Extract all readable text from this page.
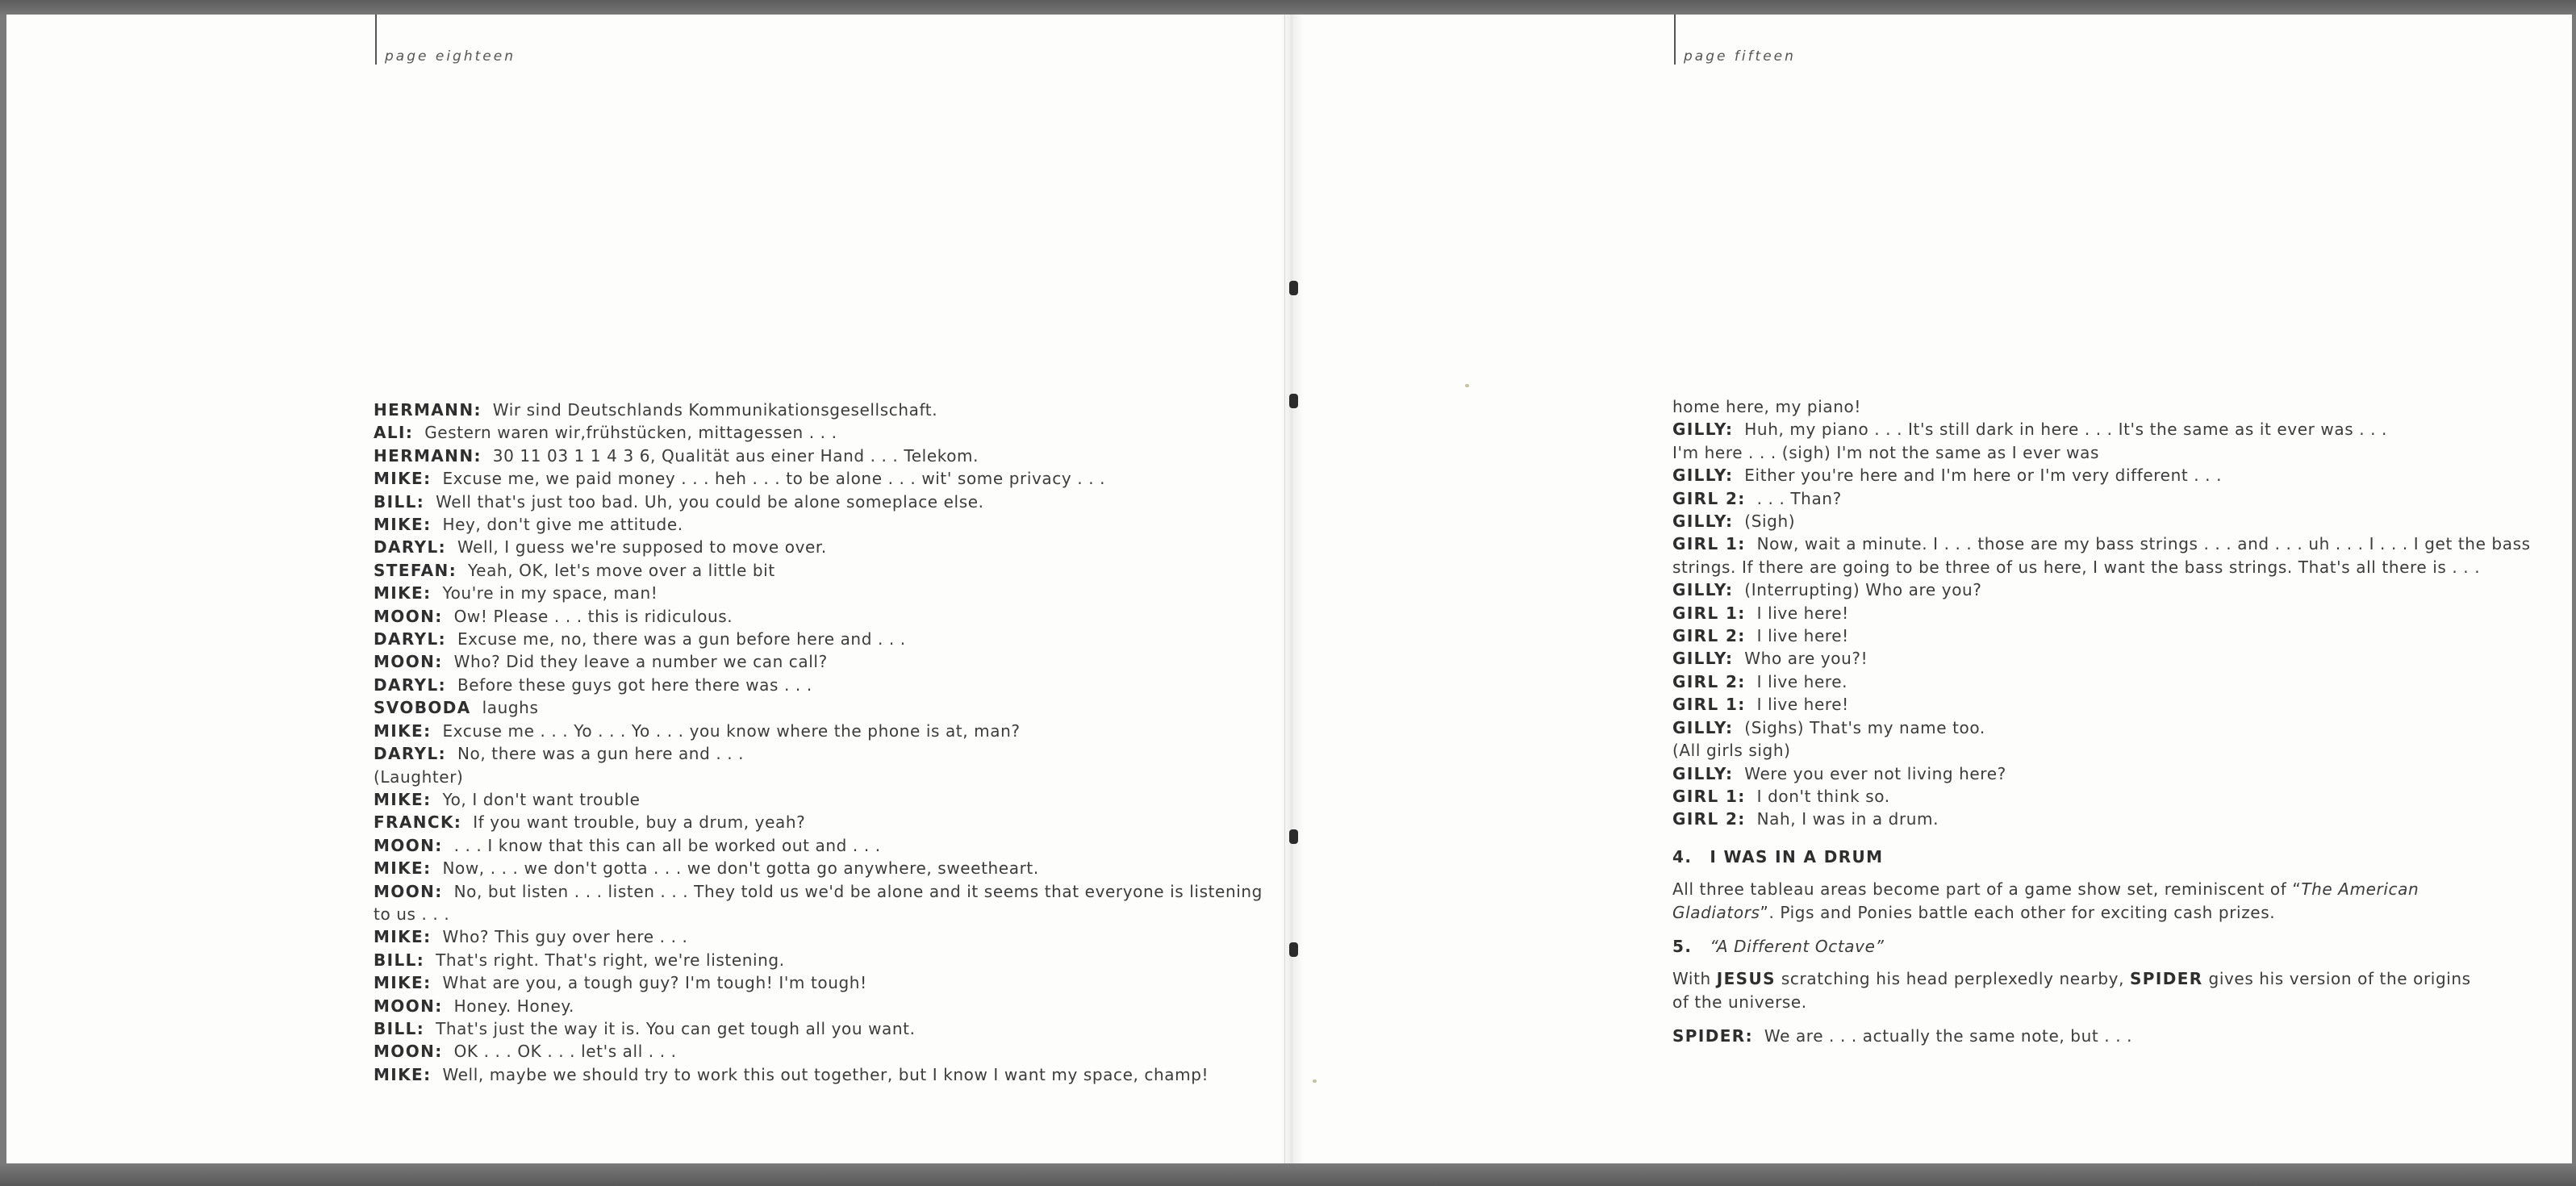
page eighteen	page fifteen
HERMANN: Wir sind Deutschlands Kommunikationsgesellschaft.
ALI: Gestern waren wir,frühstücken, mittagessen . . .
HERMANN: 30 11 03 1 1 4 3 6, Qualität aus einer Hand . . . Telekom.
MIKE: Excuse me, we paid money . . . heh . . . to be alone . . . wit' some privacy . . .
BILL: Well that's just too bad. Uh, you could be alone someplace else.
MIKE: Hey, don't give me attitude.
DARYL: Well, I guess we're supposed to move over.
STEFAN: Yeah, OK, let's move over a little bit
MIKE: You're in my space, man!
MOON: Ow! Please . . . this is ridiculous.
DARYL: Excuse me, no, there was a gun before here and . . .
MOON: Who? Did they leave a number we can call?
DARYL: Before these guys got here there was . . .
SVOBODA laughs
MIKE: Excuse me . . . Yo . . . Yo . . . you know where the phone is at, man?
DARYL: No, there was a gun here and . . .
(Laughter)
MIKE: Yo, I don't want trouble
FRANCK: If you want trouble, buy a drum, yeah?
MOON: . . . I know that this can all be worked out and . . .
MIKE: Now, . . . we don't gotta . . . we don't gotta go anywhere, sweetheart.
MOON: No, but listen . . . listen . . . They told us we'd be alone and it seems that everyone is listening to us . . .
MIKE: Who? This guy over here . . .
BILL: That's right. That's right, we're listening.
MIKE: What are you, a tough guy? I'm tough! I'm tough!
MOON: Honey. Honey.
BILL: That's just the way it is. You can get tough all you want.
MOON: OK . . . OK . . . let's all . . .
MIKE: Well, maybe we should try to work this out together, but I know I want my space, champ!
home here, my piano!
GILLY: Huh, my piano . . . It's still dark in here . . . It's the same as it ever was . . .
I'm here . . . (sigh) I'm not the same as I ever was
GILLY: Either you're here and I'm here or I'm very different . . .
GIRL 2: . . . Than?
GILLY: (Sigh)
GIRL 1: Now, wait a minute. I . . . those are my bass strings . . . and . . . uh . . . I . . . I get the bass
strings. If there are going to be three of us here, I want the bass strings. That's all there is . . .
GILLY: (Interrupting) Who are you?
GIRL 1: I live here!
GIRL 2: I live here!
GILLY: Who are you?!
GIRL 2: I live here.
GIRL 1: I live here!
GILLY: (Sighs) That's my name too.
(All girls sigh)
GILLY: Were you ever not living here?
GIRL 1: I don't think so.
GIRL 2: Nah, I was in a drum.
4. I WAS IN A DRUM
All three tableau areas become part of a game show set, reminiscent of “The American Gladiators”. Pigs and Ponies battle each other for exciting cash prizes.
5. “A Different Octave”
With JESUS scratching his head perplexedly nearby, SPIDER gives his version of the origins of the universe.
SPIDER: We are . . . actually the same note, but . . .
